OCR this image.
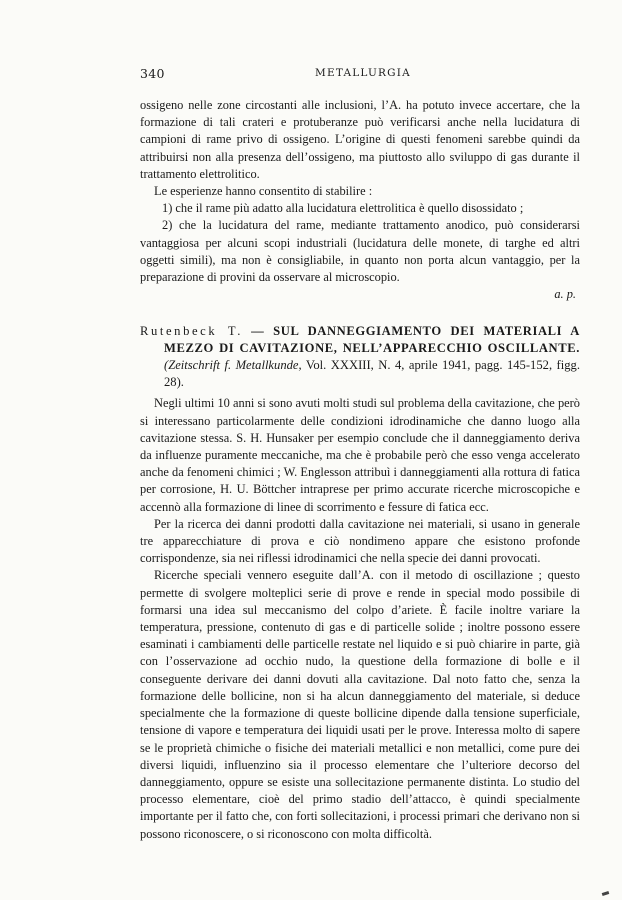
340	METALLURGIA

ossigeno nelle zone circostanti alle inclusioni, l’A. ha potuto invece accertare, che la formazione di tali crateri e protuberanze può verificarsi anche nella lucidatura di campioni di rame privo di ossigeno. L’origine di questi fenomeni sarebbe quindi da attribuirsi non alla presenza dell’ossigeno, ma piuttosto allo sviluppo di gas durante il trattamento elettrolitico.

Le esperienze hanno consentito di stabilire :

1) che il rame più adatto alla lucidatura elettrolitica è quello disossidato ;

2) che la lucidatura del rame, mediante trattamento anodico, può considerarsi vantaggiosa per alcuni scopi industriali (lucidatura delle monete, di targhe ed altri oggetti simili), ma non è consigliabile, in quanto non porta alcun vantaggio, per la preparazione di provini da osservare al microscopio.

a. p.

Rutenbeck T. — SUL DANNEGGIAMENTO DEI MATERIALI A MEZZO DI CAVITAZIONE, NELL’APPARECCHIO OSCILLANTE. (Zeitschrift f. Metallkunde, Vol. XXXIII, N. 4, aprile 1941, pagg. 145-152, figg. 28).

Negli ultimi 10 anni si sono avuti molti studi sul problema della cavitazione, che però si interessano particolarmente delle condizioni idrodinamiche che danno luogo alla cavitazione stessa. S. H. Hunsaker per esempio conclude che il danneggiamento deriva da influenze puramente meccaniche, ma che è probabile però che esso venga accelerato anche da fenomeni chimici ; W. Englesson attribuì i danneggiamenti alla rottura di fatica per corrosione, H. U. Böttcher intraprese per primo accurate ricerche microscopiche e accennò alla formazione di linee di scorrimento e fessure di fatica ecc.

Per la ricerca dei danni prodotti dalla cavitazione nei materiali, si usano in generale tre apparecchiature di prova e ciò nondimeno appare che esistono profonde corrispondenze, sia nei riflessi idrodinamici che nella specie dei danni provocati.

Ricerche speciali vennero eseguite dall’A. con il metodo di oscillazione ; questo permette di svolgere molteplici serie di prove e rende in special modo possibile di formarsi una idea sul meccanismo del colpo d’ariete. È facile inoltre variare la temperatura, pressione, contenuto di gas e di particelle solide ; inoltre possono essere esaminati i cambiamenti delle particelle restate nel liquido e si può chiarire in parte, già con l’osservazione ad occhio nudo, la questione della formazione di bolle e il conseguente derivare dei danni dovuti alla cavitazione. Dal noto fatto che, senza la formazione delle bollicine, non si ha alcun danneggiamento del materiale, si deduce specialmente che la formazione di queste bollicine dipende dalla tensione superficiale, tensione di vapore e temperatura dei liquidi usati per le prove. Interessa molto di sapere se le proprietà chimiche o fisiche dei materiali metallici e non metallici, come pure dei diversi liquidi, influenzino sia il processo elementare che l’ulteriore decorso del danneggiamento, oppure se esiste una sollecitazione permanente distinta. Lo studio del processo elementare, cioè del primo stadio dell’attacco, è quindi specialmente importante per il fatto che, con forti sollecitazioni, i processi primari che derivano non si possono riconoscere, o si riconoscono con molta difficoltà.
